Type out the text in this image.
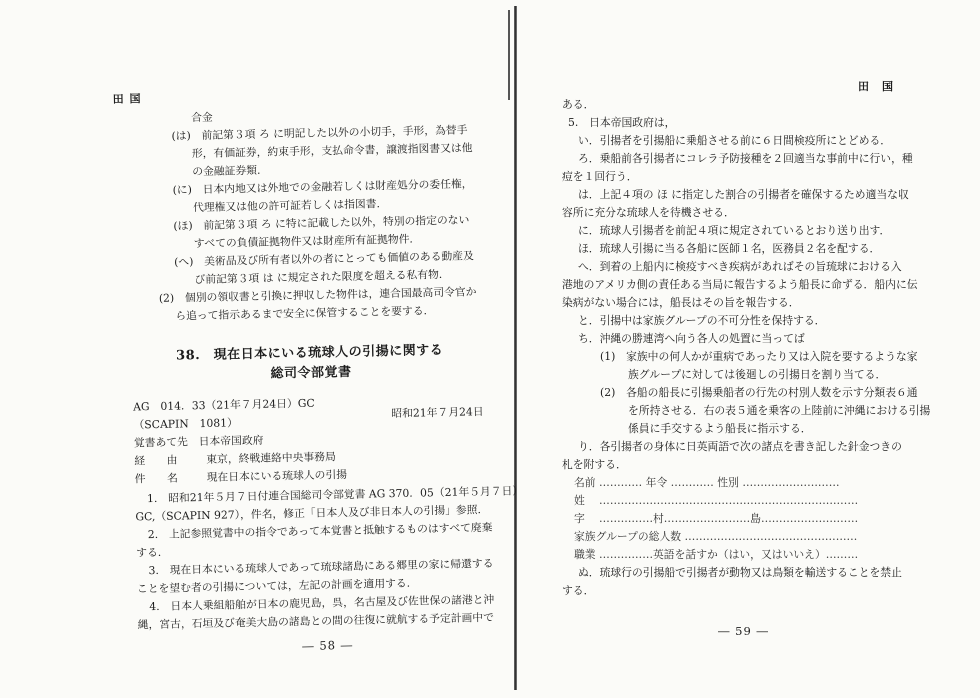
田 国
合金
(は)　前記第３項 ろ に明記した以外の小切手，手形，為替手
形，有価証券，約束手形，支払命令書，譲渡指図書又は他
の金融証券類．
(に)　日本内地又は外地での金融若しくは財産処分の委任権，
代理権又は他の許可証若しくは指図書．
(ほ)　前記第３項 ろ に特に記載した以外，特別の指定のない
すべての負債証拠物件又は財産所有証拠物件．
(へ)　美術品及び所有者以外の者にとっても価値のある動産及
び前記第３項 は に規定された限度を超える私有物．
(2)　個別の領収書と引換に押収した物件は，連合国最高司令官か
ら追って指示あるまで安全に保管することを要する．
38.　現在日本にいる琉球人の引揚に関する
総司令部覚書
AG　014．33（21年７月24日）GC
（SCAPIN　1081）
昭和21年７月24日
覚書あて先　日本帝国政府
経　　由	東京，終戦連絡中央事務局
件　　名	現在日本にいる琉球人の引揚
1.　昭和21年５月７日付連合国総司令部覚書 AG 370．05（21年５月７日）
GC,（SCAPIN 927），件名，修正「日本人及び非日本人の引揚」参照．
2.　上記参照覚書中の指令であって本覚書と抵触するものはすべて廃棄
する．
3.　現在日本にいる琉球人であって琉球諸島にある郷里の家に帰還する
ことを望む者の引揚については，左記の計画を適用する．
4.　日本人乗組船舶が日本の鹿児島，呉，名古屋及び佐世保の諸港と沖
縄，宮古，石垣及び奄美大島の諸島との間の往復に就航する予定計画中で
― 58 ―
田　国
ある．
5.　日本帝国政府は，
い．引揚者を引揚船に乗船させる前に６日間検疫所にとどめる．
ろ．乗船前各引揚者にコレラ予防接種を２回適当な事前中に行い，種
痘を１回行う．
は．上記４項の ほ に指定した割合の引揚者を確保するため適当な収
容所に充分な琉球人を待機させる．
に．琉球人引揚者を前記４項に規定されているとおり送り出す．
ほ．琉球人引揚に当る各船に医師１名，医務員２名を配する．
へ．到着の上船内に検疫すべき疾病があればその旨琉球における入
港地のアメリカ側の責任ある当局に報告するよう船長に命ずる．船内に伝
染病がない場合には，船長はその旨を報告する．
と．引揚中は家族グループの不可分性を保持する．
ち．沖縄の勝連湾へ向う各人の処置に当ってば
(1)　家族中の何人かが重病であったり又は入院を要するような家
族グループに対しては後廻しの引揚日を割り当てる．
(2)　各船の船長に引揚乗船者の行先の村別人数を示す分類表６通
を所持させる．右の表５通を乗客の上陸前に沖縄における引揚
係員に手交するよう船長に指示する．
り．各引揚者の身体に日英両語で次の諸点を書き記した針金つきの
札を附する．
名前 ………… 年令 ………… 性別 ………………………
姓　 ………………………………………………………………
字　 ……………村……………………島………………………
家族グループの総人数 …………………………………………
職業 ……………英語を話すか（はい，又はいいえ）………
ぬ．琉球行の引揚船で引揚者が動物又は鳥類を輸送することを禁止
する．
― 59 ―
